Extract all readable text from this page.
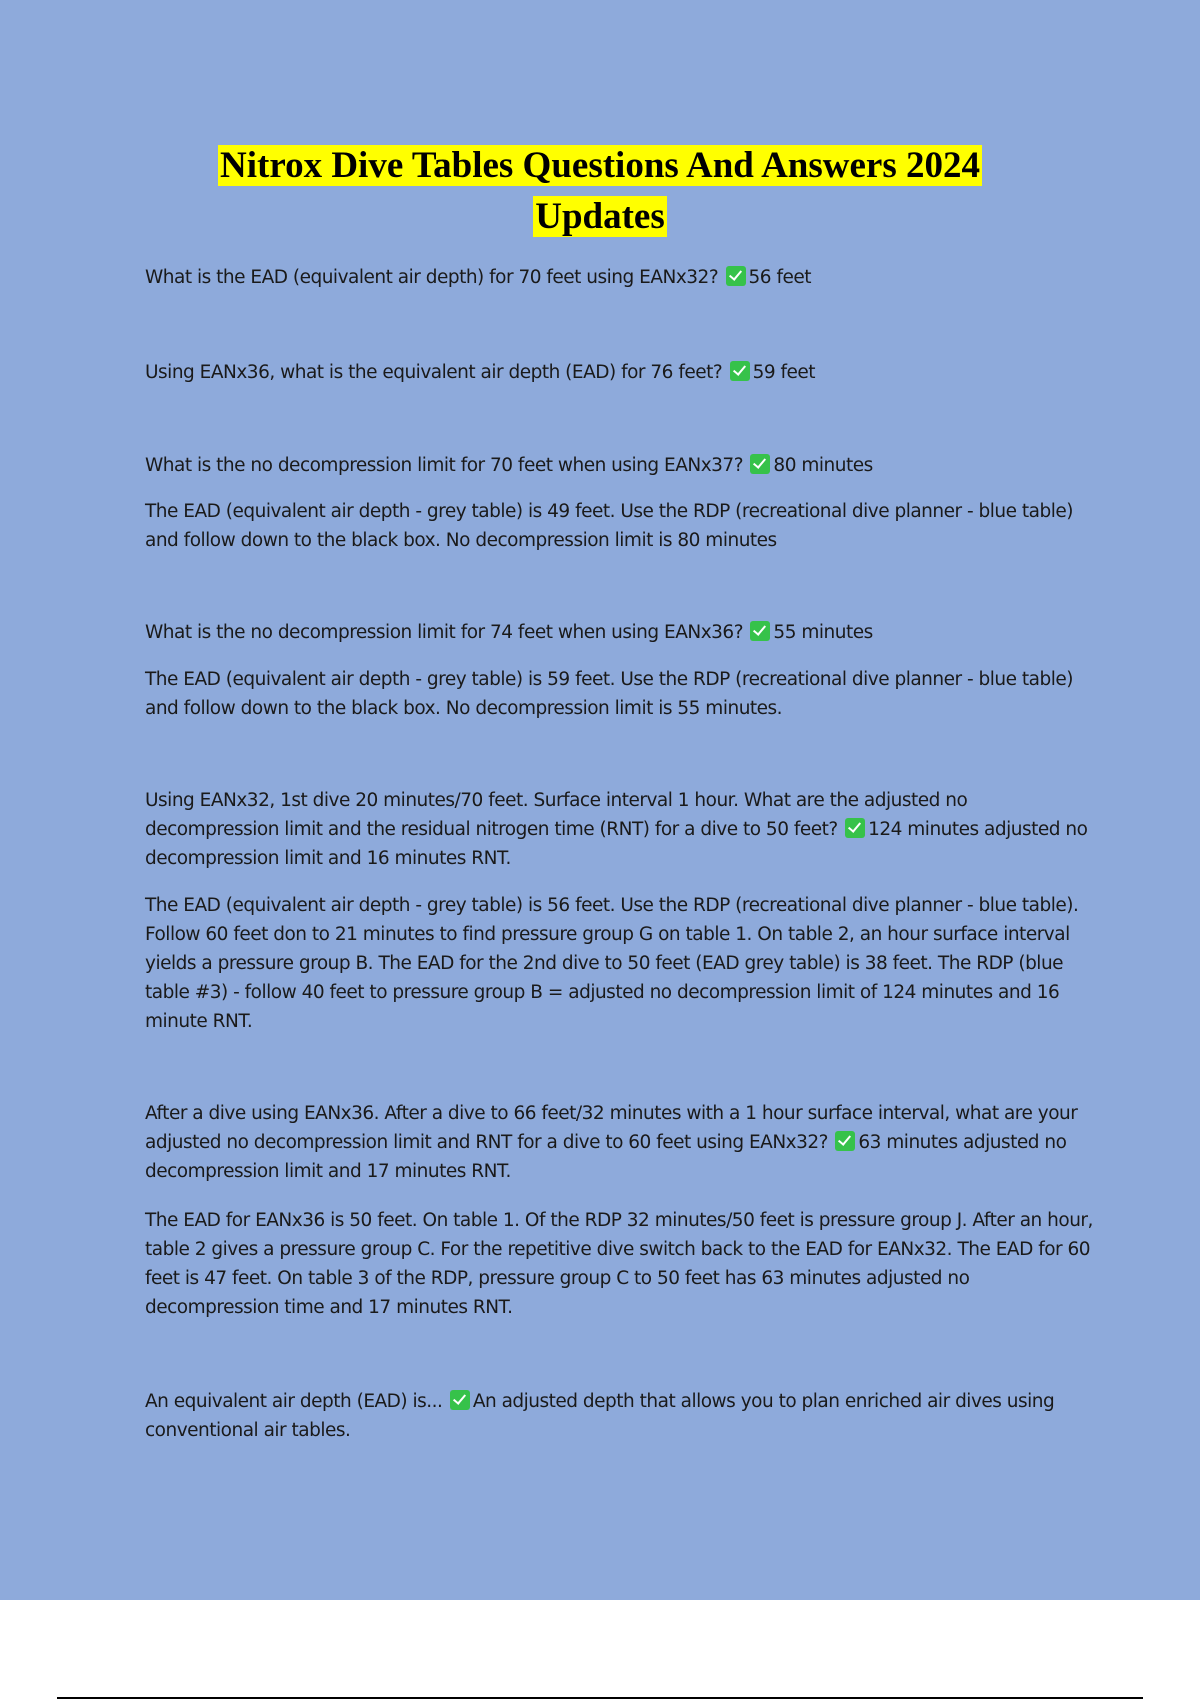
Nitrox Dive Tables Questions And Answers 2024
Updates

What is the EAD (equivalent air depth) for 70 feet using EANx32? 56 feet

Using EANx36, what is the equivalent air depth (EAD) for 76 feet? 59 feet

What is the no decompression limit for 70 feet when using EANx37? 80 minutes

The EAD (equivalent air depth - grey table) is 49 feet. Use the RDP (recreational dive planner - blue table) and follow down to the black box. No decompression limit is 80 minutes

What is the no decompression limit for 74 feet when using EANx36? 55 minutes

The EAD (equivalent air depth - grey table) is 59 feet. Use the RDP (recreational dive planner - blue table) and follow down to the black box. No decompression limit is 55 minutes.

Using EANx32, 1st dive 20 minutes/70 feet. Surface interval 1 hour. What are the adjusted no decompression limit and the residual nitrogen time (RNT) for a dive to 50 feet? 124 minutes adjusted no decompression limit and 16 minutes RNT.

The EAD (equivalent air depth - grey table) is 56 feet. Use the RDP (recreational dive planner - blue table). Follow 60 feet don to 21 minutes to find pressure group G on table 1. On table 2, an hour surface interval yields a pressure group B. The EAD for the 2nd dive to 50 feet (EAD grey table) is 38 feet. The RDP (blue table #3) - follow 40 feet to pressure group B = adjusted no decompression limit of 124 minutes and 16 minute RNT.

After a dive using EANx36. After a dive to 66 feet/32 minutes with a 1 hour surface interval, what are your adjusted no decompression limit and RNT for a dive to 60 feet using EANx32? 63 minutes adjusted no decompression limit and 17 minutes RNT.

The EAD for EANx36 is 50 feet. On table 1. Of the RDP 32 minutes/50 feet is pressure group J. After an hour, table 2 gives a pressure group C. For the repetitive dive switch back to the EAD for EANx32. The EAD for 60 feet is 47 feet. On table 3 of the RDP, pressure group C to 50 feet has 63 minutes adjusted no decompression time and 17 minutes RNT.

An equivalent air depth (EAD) is... An adjusted depth that allows you to plan enriched air dives using conventional air tables.
